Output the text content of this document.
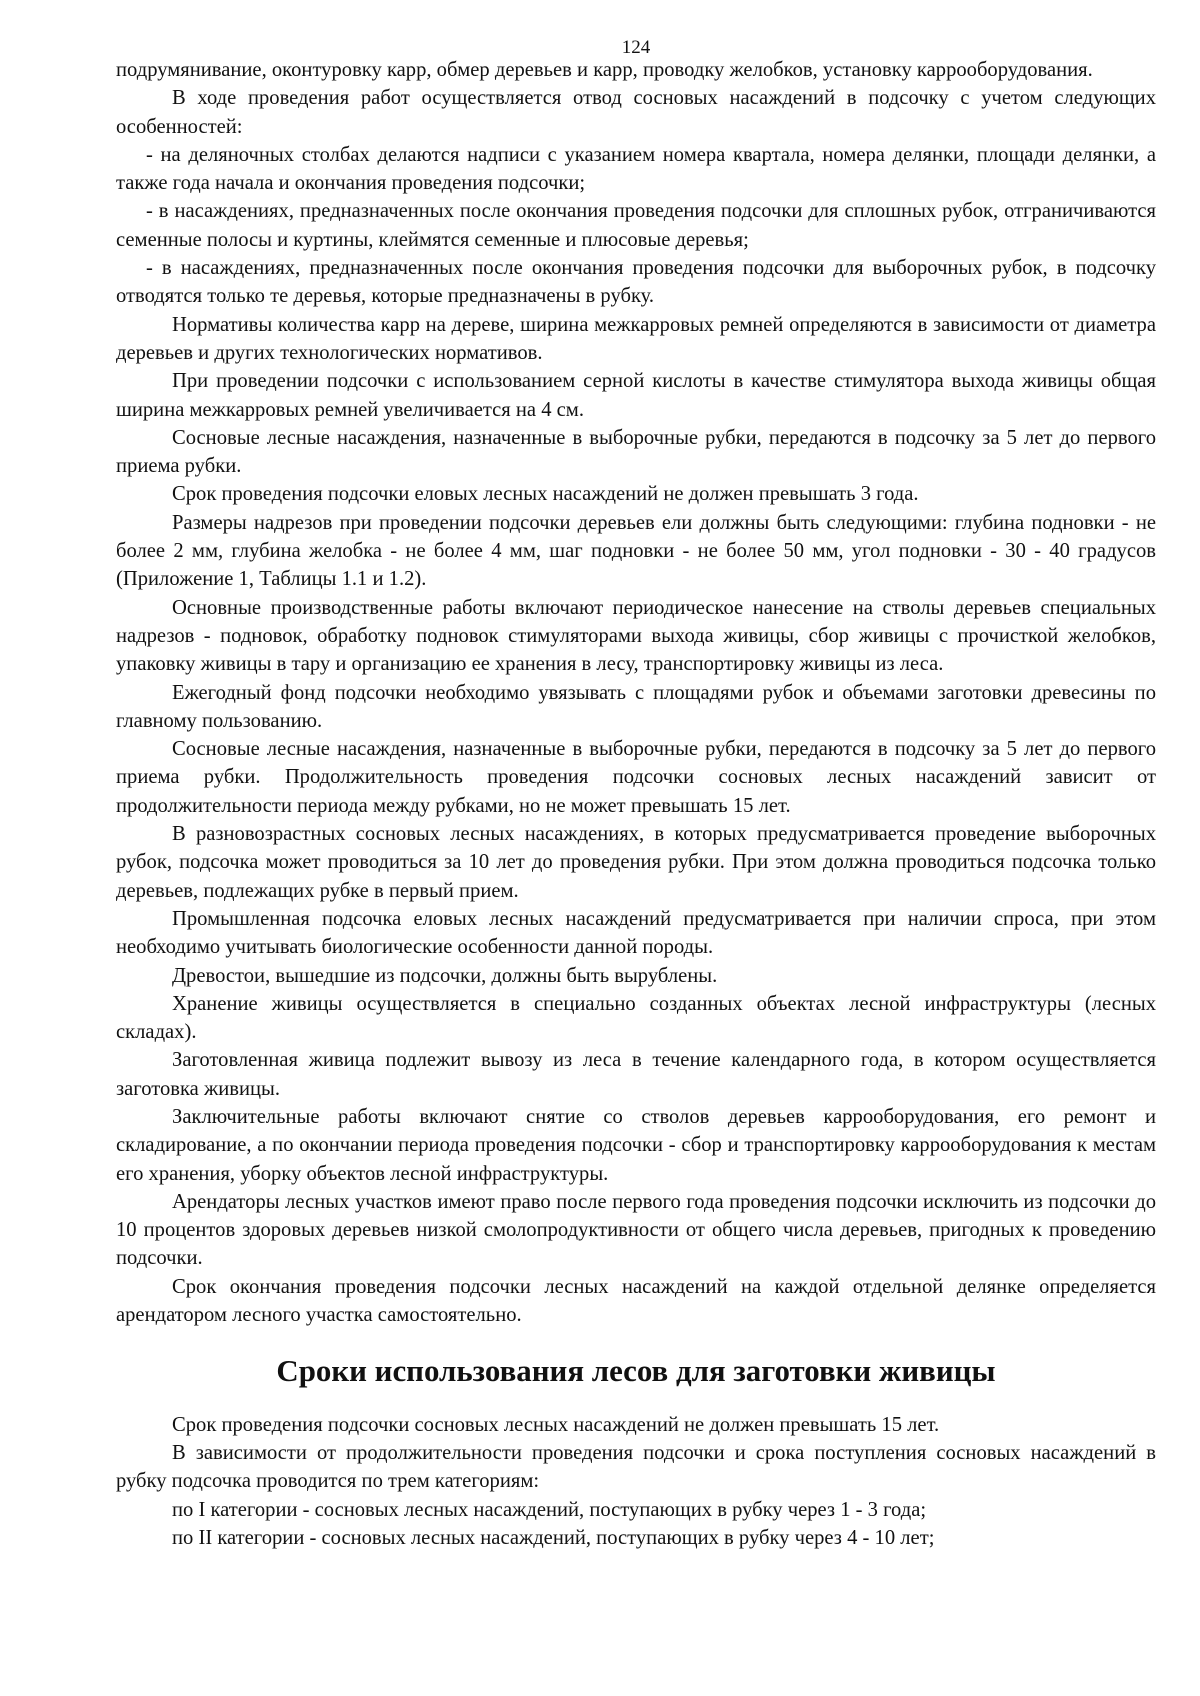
124

подрумянивание, оконтуровку карр, обмер деревьев и карр, проводку желобков, установку каррооборудования.

В ходе проведения работ осуществляется отвод сосновых насаждений в подсочку с учетом следующих особенностей:

- на деляночных столбах делаются надписи с указанием номера квартала, номера делянки, площади делянки, а также года начала и окончания проведения подсочки;

- в насаждениях, предназначенных после окончания проведения подсочки для сплошных рубок, отграничиваются семенные полосы и куртины, клеймятся семенные и плюсовые деревья;

- в насаждениях, предназначенных после окончания проведения подсочки для выборочных рубок, в подсочку отводятся только те деревья, которые предназначены в рубку.

Нормативы количества карр на дереве, ширина межкарровых ремней определяются в зависимости от диаметра деревьев и других технологических нормативов.

При проведении подсочки с использованием серной кислоты в качестве стимулятора выхода живицы общая ширина межкарровых ремней увеличивается на 4 см.

Сосновые лесные насаждения, назначенные в выборочные рубки, передаются в подсочку за 5 лет до первого приема рубки.

Срок проведения подсочки еловых лесных насаждений не должен превышать 3 года.

Размеры надрезов при проведении подсочки деревьев ели должны быть следующими: глубина подновки - не более 2 мм, глубина желобка - не более 4 мм, шаг подновки - не более 50 мм, угол подновки - 30 - 40 градусов (Приложение 1, Таблицы 1.1 и 1.2).

Основные производственные работы включают периодическое нанесение на стволы деревьев специальных надрезов - подновок, обработку подновок стимуляторами выхода живицы, сбор живицы с прочисткой желобков, упаковку живицы в тару и организацию ее хранения в лесу, транспортировку живицы из леса.

Ежегодный фонд подсочки необходимо увязывать с площадями рубок и объемами заготовки древесины по главному пользованию.

Сосновые лесные насаждения, назначенные в выборочные рубки, передаются в подсочку за 5 лет до первого приема рубки. Продолжительность проведения подсочки сосновых лесных насаждений зависит от продолжительности периода между рубками, но не может превышать 15 лет.

В разновозрастных сосновых лесных насаждениях, в которых предусматривается проведение выборочных рубок, подсочка может проводиться за 10 лет до проведения рубки. При этом должна проводиться подсочка только деревьев, подлежащих рубке в первый прием.

Промышленная подсочка еловых лесных насаждений предусматривается при наличии спроса, при этом необходимо учитывать биологические особенности данной породы.

Древостои, вышедшие из подсочки, должны быть вырублены.

Хранение живицы осуществляется в специально созданных объектах лесной инфраструктуры (лесных складах).

Заготовленная живица подлежит вывозу из леса в течение календарного года, в котором осуществляется заготовка живицы.

Заключительные работы включают снятие со стволов деревьев каррооборудования, его ремонт и складирование, а по окончании периода проведения подсочки - сбор и транспортировку каррооборудования к местам его хранения, уборку объектов лесной инфраструктуры.

Арендаторы лесных участков имеют право после первого года проведения подсочки исключить из подсочки до 10 процентов здоровых деревьев низкой смолопродуктивности от общего числа деревьев, пригодных к проведению подсочки.

Срок окончания проведения подсочки лесных насаждений на каждой отдельной делянке определяется арендатором лесного участка самостоятельно.

Сроки использования лесов для заготовки живицы

Срок проведения подсочки сосновых лесных насаждений не должен превышать 15 лет.

В зависимости от продолжительности проведения подсочки и срока поступления сосновых насаждений в рубку подсочка проводится по трем категориям:

по I категории - сосновых лесных насаждений, поступающих в рубку через 1 - 3 года;

по II категории - сосновых лесных насаждений, поступающих в рубку через 4 - 10 лет;
